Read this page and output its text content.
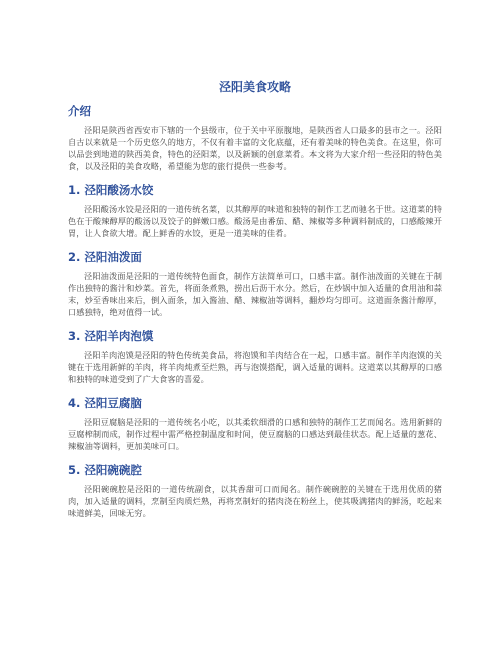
泾阳美食攻略
介绍

泾阳是陕西省西安市下辖的一个县级市，位于关中平原腹地，是陕西省人口最多的县市之一。泾阳自古以来就是一个历史悠久的地方，不仅有着丰富的文化底蕴，还有着美味的特色美食。在这里，你可以品尝到地道的陕西美食，特色的泾阳菜，以及新颖的创意菜肴。本文将为大家介绍一些泾阳的特色美食，以及泾阳的美食攻略，希望能为您的旅行提供一些参考。

1. 泾阳酸汤水饺

泾阳酸汤水饺是泾阳的一道传统名菜，以其醇厚的味道和独特的制作工艺而驰名于世。这道菜的特色在于酸辣醇厚的酸汤以及饺子的鲜嫩口感。酸汤是由番茄、醋、辣椒等多种调料制成的，口感酸辣开胃，让人食欲大增。配上鲜香的水饺，更是一道美味的佳肴。

2. 泾阳油泼面

泾阳油泼面是泾阳的一道传统特色面食，制作方法简单可口，口感丰富。制作油泼面的关键在于制作出独特的酱汁和炒菜。首先，将面条煮熟，捞出后沥干水分。然后，在炒锅中加入适量的食用油和蒜末，炒至香味出来后，倒入面条，加入酱油、醋、辣椒油等调料，翻炒均匀即可。这道面条酱汁醇厚，口感独特，绝对值得一试。

3. 泾阳羊肉泡馍

泾阳羊肉泡馍是泾阳的特色传统美食品，将泡馍和羊肉结合在一起，口感丰富。制作羊肉泡馍的关键在于选用新鲜的羊肉，将羊肉炖煮至烂熟，再与泡馍搭配，调入适量的调料。这道菜以其醇厚的口感和独特的味道受到了广大食客的喜爱。

4. 泾阳豆腐脑

泾阳豆腐脑是泾阳的一道传统名小吃，以其柔软细滑的口感和独特的制作工艺而闻名。选用新鲜的豆腐榨制而成，制作过程中需严格控制温度和时间，使豆腐脑的口感达到最佳状态。配上适量的葱花、辣椒油等调料，更加美味可口。

5. 泾阳碗碗腔

泾阳碗碗腔是泾阳的一道传统副食，以其香甜可口而闻名。制作碗碗腔的关键在于选用优质的猪肉，加入适量的调料，烹制至肉质烂熟，再将烹制好的猪肉浇在粉丝上，使其吸满猪肉的鲜汤，吃起来味道鲜美，回味无穷。
